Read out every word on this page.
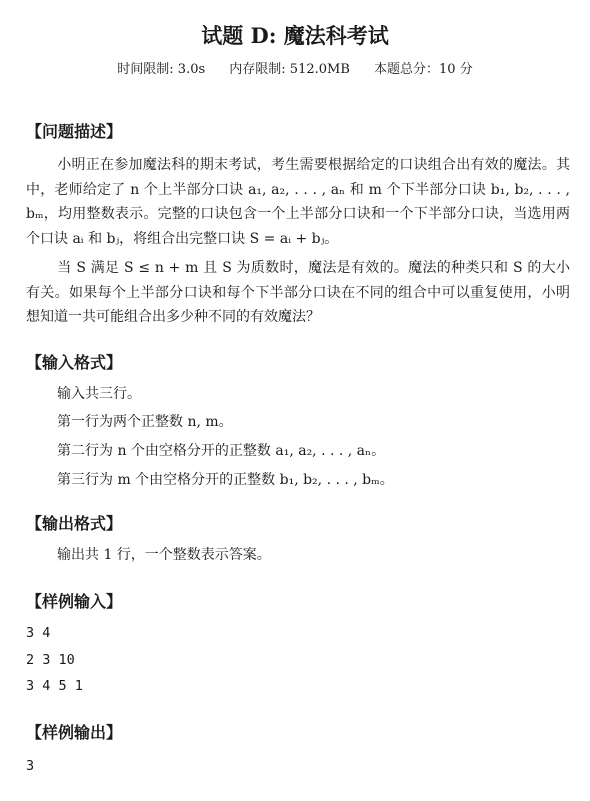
试题 D: 魔法科考试
时间限制: 3.0s 内存限制: 512.0MB 本题总分：10 分
【问题描述】
小明正在参加魔法科的期末考试，考生需要根据给定的口诀组合出有效的魔法。其中，老师给定了 n 个上半部分口诀 a₁, a₂, . . . , aₙ 和 m 个下半部分口诀 b₁, b₂, . . . , bₘ，均用整数表示。完整的口诀包含一个上半部分口诀和一个下半部分口诀，当选用两个口诀 aᵢ 和 bⱼ，将组合出完整口诀 S = aᵢ + bⱼ。
当 S 满足 S ≤ n + m 且 S 为质数时，魔法是有效的。魔法的种类只和 S 的大小有关。如果每个上半部分口诀和每个下半部分口诀在不同的组合中可以重复使用，小明想知道一共可能组合出多少种不同的有效魔法？
【输入格式】
输入共三行。
第一行为两个正整数 n, m。
第二行为 n 个由空格分开的正整数 a₁, a₂, . . . , aₙ。
第三行为 m 个由空格分开的正整数 b₁, b₂, . . . , bₘ。
【输出格式】
输出共 1 行，一个整数表示答案。
【样例输入】
3 4
2 3 10
3 4 5 1
【样例输出】
3
